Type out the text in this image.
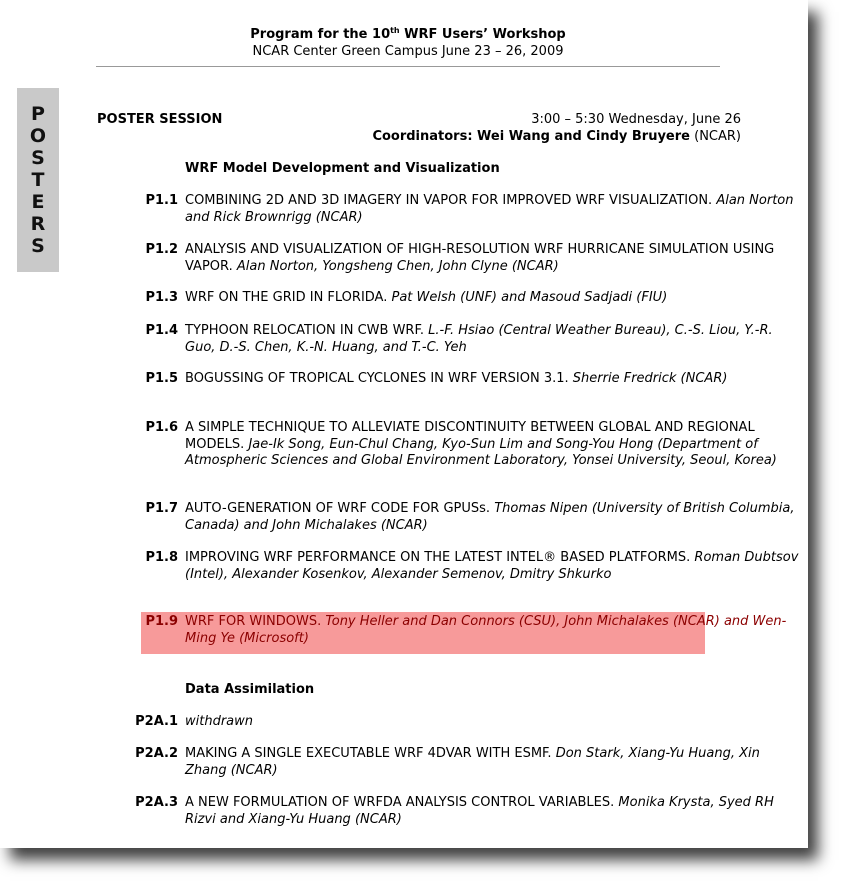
Program for the 10th WRF Users’ Workshop
NCAR Center Green Campus June 23 – 26, 2009
P
O
S
T
E
R
S
POSTER SESSION	3:00 – 5:30 Wednesday, June 26
Coordinators: Wei Wang and Cindy Bruyere (NCAR)
WRF Model Development and Visualization
P1.1 COMBINING 2D AND 3D IMAGERY IN VAPOR FOR IMPROVED WRF VISUALIZATION. Alan Norton and Rick Brownrigg (NCAR)
P1.2 ANALYSIS AND VISUALIZATION OF HIGH-RESOLUTION WRF HURRICANE SIMULATION USING VAPOR. Alan Norton, Yongsheng Chen, John Clyne (NCAR)
P1.3 WRF ON THE GRID IN FLORIDA. Pat Welsh (UNF) and Masoud Sadjadi (FIU)
P1.4 TYPHOON RELOCATION IN CWB WRF. L.-F. Hsiao (Central Weather Bureau), C.-S. Liou, Y.-R. Guo, D.-S. Chen, K.-N. Huang, and T.-C. Yeh
P1.5 BOGUSSING OF TROPICAL CYCLONES IN WRF VERSION 3.1. Sherrie Fredrick (NCAR)
P1.6 A SIMPLE TECHNIQUE TO ALLEVIATE DISCONTINUITY BETWEEN GLOBAL AND REGIONAL MODELS. Jae-Ik Song, Eun-Chul Chang, Kyo-Sun Lim and Song-You Hong (Department of Atmospheric Sciences and Global Environment Laboratory, Yonsei University, Seoul, Korea)
P1.7 AUTO-GENERATION OF WRF CODE FOR GPUSs. Thomas Nipen (University of British Columbia, Canada) and John Michalakes (NCAR)
P1.8 IMPROVING WRF PERFORMANCE ON THE LATEST INTEL® BASED PLATFORMS. Roman Dubtsov (Intel), Alexander Kosenkov, Alexander Semenov, Dmitry Shkurko
P1.9 WRF FOR WINDOWS. Tony Heller and Dan Connors (CSU), John Michalakes (NCAR) and Wen-Ming Ye (Microsoft)
Data Assimilation
P2A.1 withdrawn
P2A.2 MAKING A SINGLE EXECUTABLE WRF 4DVAR WITH ESMF. Don Stark, Xiang-Yu Huang, Xin Zhang (NCAR)
P2A.3 A NEW FORMULATION OF WRFDA ANALYSIS CONTROL VARIABLES. Monika Krysta, Syed RH Rizvi and Xiang-Yu Huang (NCAR)
